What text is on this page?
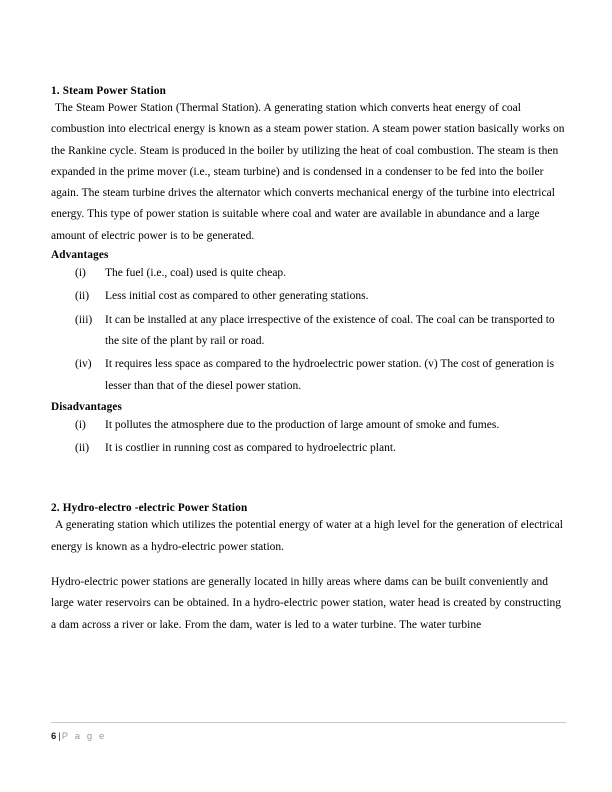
1. Steam Power Station

The Steam Power Station (Thermal Station). A generating station which converts heat energy of coal combustion into electrical energy is known as a steam power station. A steam power station basically works on the Rankine cycle. Steam is produced in the boiler by utilizing the heat of coal combustion. The steam is then expanded in the prime mover (i.e., steam turbine) and is condensed in a condenser to be fed into the boiler again. The steam turbine drives the alternator which converts mechanical energy of the turbine into electrical energy. This type of power station is suitable where coal and water are available in abundance and a large amount of electric power is to be generated.

Advantages
(i) The fuel (i.e., coal) used is quite cheap.
(ii) Less initial cost as compared to other generating stations.
(iii) It can be installed at any place irrespective of the existence of coal. The coal can be transported to the site of the plant by rail or road.
(iv) It requires less space as compared to the hydroelectric power station. (v) The cost of generation is lesser than that of the diesel power station.
Disadvantages
(i) It pollutes the atmosphere due to the production of large amount of smoke and fumes.
(ii) It is costlier in running cost as compared to hydroelectric plant.
2. Hydro-electro -electric Power Station

A generating station which utilizes the potential energy of water at a high level for the generation of electrical energy is known as a hydro-electric power station.

Hydro-electric power stations are generally located in hilly areas where dams can be built conveniently and large water reservoirs can be obtained. In a hydro-electric power station, water head is created by constructing a dam across a river or lake. From the dam, water is led to a water turbine. The water turbine

6 |P a g e
